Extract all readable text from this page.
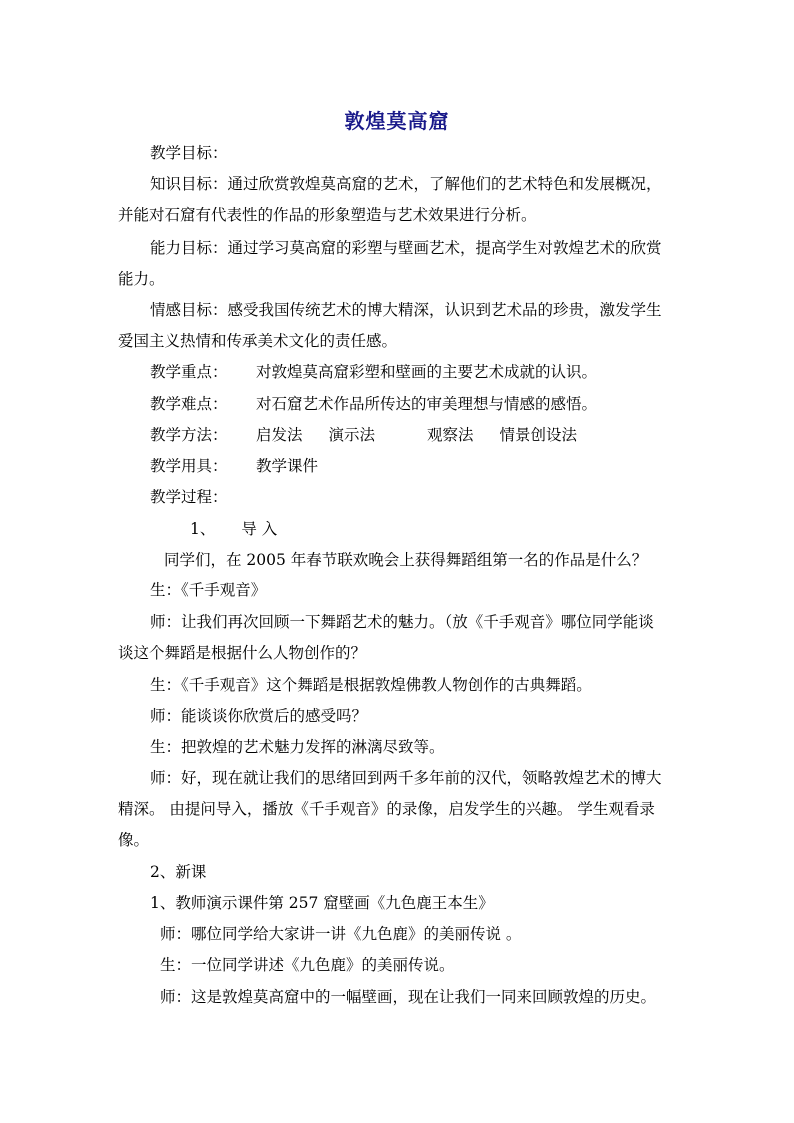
敦煌莫高窟
教学目标：
知识目标：通过欣赏敦煌莫高窟的艺术，了解他们的艺术特色和发展概况，
并能对石窟有代表性的作品的形象塑造与艺术效果进行分析。
能力目标：通过学习莫高窟的彩塑与壁画艺术，提高学生对敦煌艺术的欣赏
能力。
情感目标：感受我国传统艺术的博大精深，认识到艺术品的珍贵，激发学生
爱国主义热情和传承美术文化的责任感。
教学重点： 对敦煌莫高窟彩塑和壁画的主要艺术成就的认识。
教学难点： 对石窟艺术作品所传达的审美理想与情感的感悟。
教学方法： 启发法 演示法	观察法 情景创设法
教学用具： 教学课件
教学过程：
1、 导 入
同学们，在 2005 年春节联欢晚会上获得舞蹈组第一名的作品是什么？
生：《千手观音》
师：让我们再次回顾一下舞蹈艺术的魅力。（放《千手观音》哪位同学能谈
谈这个舞蹈是根据什么人物创作的？
生：《千手观音》这个舞蹈是根据敦煌佛教人物创作的古典舞蹈。
师：能谈谈你欣赏后的感受吗？
生：把敦煌的艺术魅力发挥的淋漓尽致等。
师：好，现在就让我们的思绪回到两千多年前的汉代，领略敦煌艺术的博大
精深。 由提问导入，播放《千手观音》的录像，启发学生的兴趣。 学生观看录
像。
2、新课
1、教师演示课件第 257 窟壁画《九色鹿王本生》
师：哪位同学给大家讲一讲《九色鹿》的美丽传说 。
生：一位同学讲述《九色鹿》的美丽传说。
师：这是敦煌莫高窟中的一幅壁画，现在让我们一同来回顾敦煌的历史。
